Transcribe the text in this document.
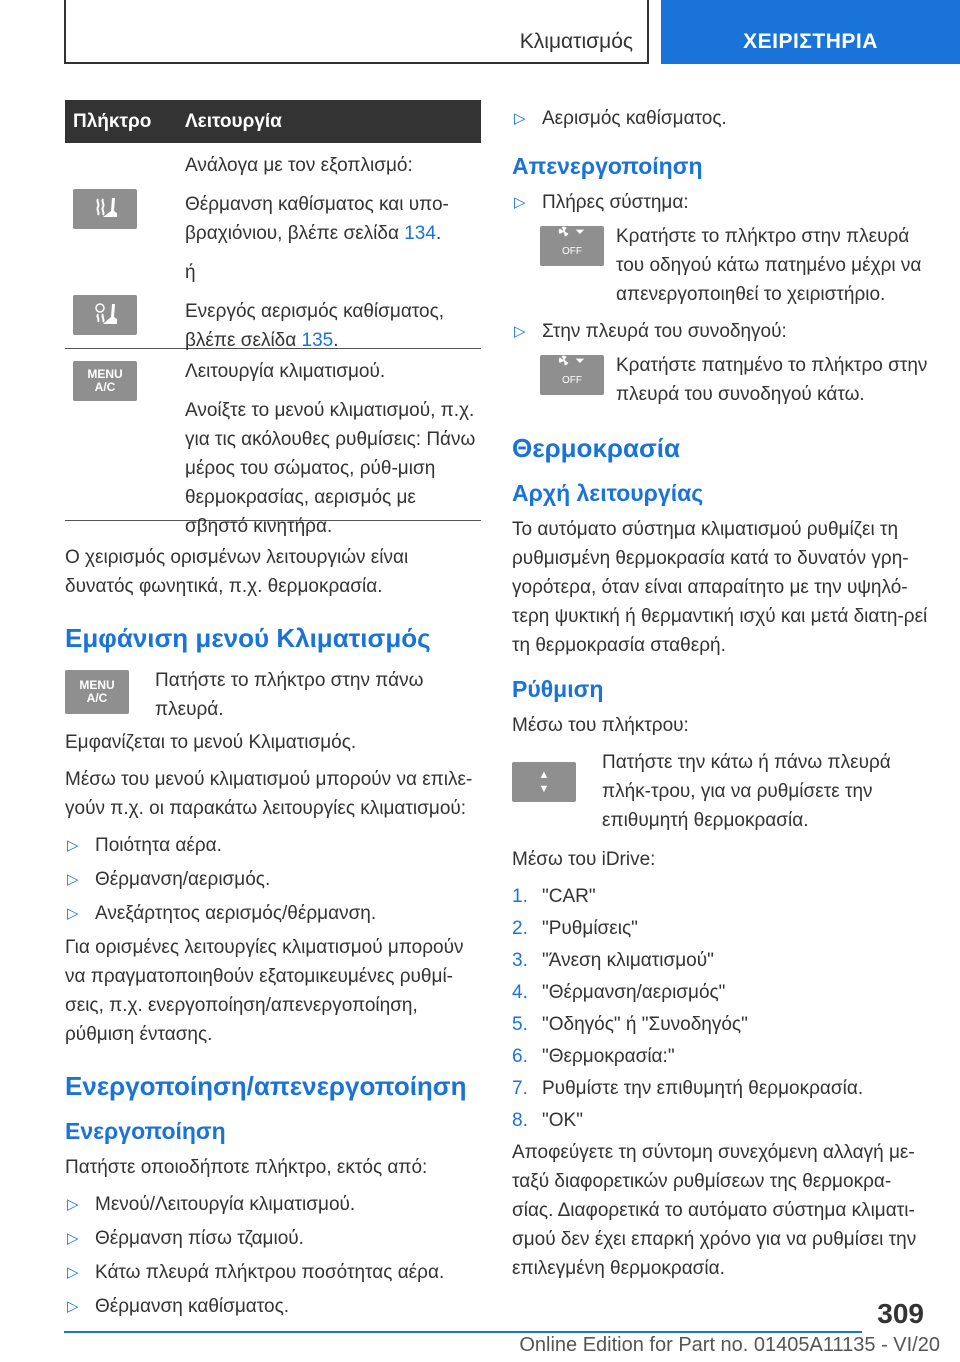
Κλιματισμός	ΧΕΙΡΙΣΤΗΡΙΑ
Πλήκτρο	Λειτουργία

Ανάλογα με τον εξοπλισμό:

Θέρμανση καθίσματος και υπο-βραχιόνιου, βλέπε σελίδα 134.

ή

Ενεργός αερισμός καθίσματος, βλέπε σελίδα 135.

MENU
A/C

Λειτουργία κλιματισμού.

Ανοίξτε το μενού κλιματισμού, π.χ. για τις ακόλουθες ρυθμίσεις: Πάνω μέρος του σώματος, ρύθ-μιση θερμοκρασίας, αερισμός με σβηστό κινητήρα.

Ο χειρισμός ορισμένων λειτουργιών είναι δυνατός φωνητικά, π.χ. θερμοκρασία.

Εμφάνιση μενού Κλιματισμός
MENU
A/C
Πατήστε το πλήκτρο στην πάνω πλευρά.

Εμφανίζεται το μενού Κλιματισμός.

Μέσω του μενού κλιματισμού μπορούν να επιλε-γούν π.χ. οι παρακάτω λειτουργίες κλιματισμού:

▷ Ποιότητα αέρα.
▷ Θέρμανση/αερισμός.
▷ Ανεξάρτητος αερισμός/θέρμανση.

Για ορισμένες λειτουργίες κλιματισμού μπορούν να πραγματοποιηθούν εξατομικευμένες ρυθμί-σεις, π.χ. ενεργοποίηση/απενεργοποίηση, ρύθμιση έντασης.

Ενεργοποίηση/απενεργοποίηση
Ενεργοποίηση

Πατήστε οποιοδήποτε πλήκτρο, εκτός από:

▷ Μενού/Λειτουργία κλιματισμού.
▷ Θέρμανση πίσω τζαμιού.
▷ Κάτω πλευρά πλήκτρου ποσότητας αέρα.
▷ Θέρμανση καθίσματος.
▷ Αερισμός καθίσματος.
Απενεργοποίηση
▷ Πλήρες σύστημα:
OFF
Κρατήστε το πλήκτρο στην πλευρά του οδηγού κάτω πατημένο μέχρι να απενεργοποιηθεί το χειριστήριο.
▷ Στην πλευρά του συνοδηγού:
OFF
Κρατήστε πατημένο το πλήκτρο στην πλευρά του συνοδηγού κάτω.
Θερμοκρασία
Αρχή λειτουργίας

Το αυτόματο σύστημα κλιματισμού ρυθμίζει τη ρυθμισμένη θερμοκρασία κατά το δυνατόν γρη-γορότερα, όταν είναι απαραίτητο με την υψηλό-τερη ψυκτική ή θερμαντική ισχύ και μετά διατη-ρεί τη θερμοκρασία σταθερή.

Ρύθμιση

Μέσω του πλήκτρου:

▲
▼
Πατήστε την κάτω ή πάνω πλευρά πλήκ-τρου, για να ρυθμίσετε την επιθυμητή θερμοκρασία.

Μέσω του iDrive:

1. "CAR"
2. "Ρυθμίσεις"
3. "Άνεση κλιματισμού"
4. "Θέρμανση/αερισμός"
5. "Οδηγός" ή "Συνοδηγός"
6. "Θερμοκρασία:"
7. Ρυθμίστε την επιθυμητή θερμοκρασία.
8. "OK"

Αποφεύγετε τη σύντομη συνεχόμενη αλλαγή με-ταξύ διαφορετικών ρυθμίσεων της θερμοκρα-σίας. Διαφορετικά το αυτόματο σύστημα κλιματι-σμού δεν έχει επαρκή χρόνο για να ρυθμίσει την επιλεγμένη θερμοκρασία.

309
Online Edition for Part no. 01405A11135 - VI/20
